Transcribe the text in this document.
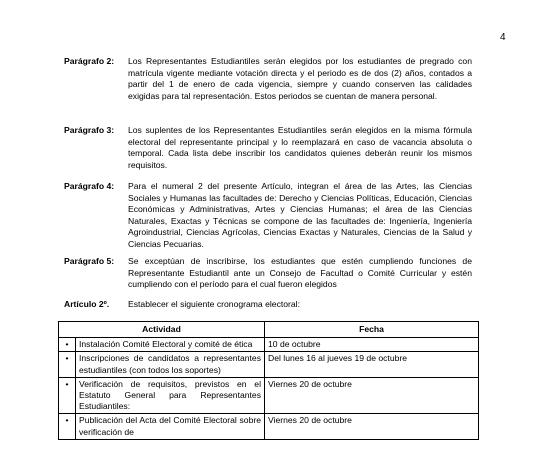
4
Parágrafo 2: Los Representantes Estudiantiles serán elegidos por los estudiantes de pregrado con matrícula vigente mediante votación directa y el periodo es de dos (2) años, contados a partir del 1 de enero de cada vigencia, siempre y cuando conserven las calidades exigidas para tal representación. Estos periodos se cuentan de manera personal.
Parágrafo 3: Los suplentes de los Representantes Estudiantiles serán elegidos en la misma fórmula electoral del representante principal y lo reemplazará en caso de vacancia absoluta o temporal. Cada lista debe inscribir los candidatos quienes deberán reunir los mismos requisitos.
Parágrafo 4: Para el numeral 2 del presente Artículo, integran el área de las Artes, las Ciencias Sociales y Humanas las facultades de: Derecho y Ciencias Políticas, Educación, Ciencias Económicas y Administrativas, Artes y Ciencias Humanas; el área de las Ciencias Naturales, Exactas y Técnicas se compone de las facultades de: Ingeniería, Ingeniería Agroindustrial, Ciencias Agrícolas, Ciencias Exactas y Naturales, Ciencias de la Salud y Ciencias Pecuarias.
Parágrafo 5: Se exceptúan de inscribirse, los estudiantes que estén cumpliendo funciones de Representante Estudiantil ante un Consejo de Facultad o Comité Curricular y estén cumpliendo con el período para el cual fueron elegidos
Artículo 2º. Establecer el siguiente cronograma electoral:
Actividad		Fecha
•	Instalación Comité Electoral y comité de ética	10 de octubre
•	Inscripciones de candidatos a representantes estudiantiles (con todos los soportes)	Del lunes 16 al jueves 19 de octubre
•	Verificación de requisitos, previstos en el Estatuto General para Representantes Estudiantiles:	Viernes 20 de octubre
•	Publicación del Acta del Comité Electoral sobre verificación de	Viernes 20 de octubre
